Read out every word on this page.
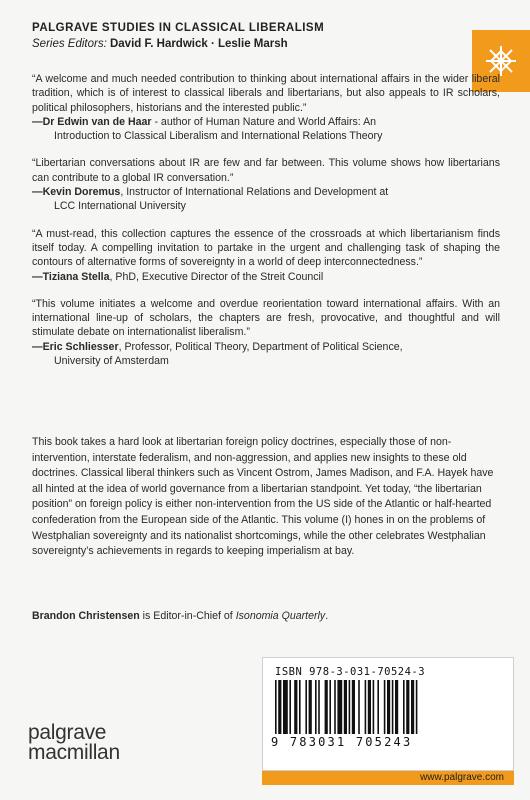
PALGRAVE STUDIES IN CLASSICAL LIBERALISM
Series Editors: David F. Hardwick · Leslie Marsh
“A welcome and much needed contribution to thinking about international affairs in the wider liberal tradition, which is of interest to classical liberals and libertarians, but also appeals to IR scholars, political philosophers, historians and the interested public.”
—Dr Edwin van de Haar - author of Human Nature and World Affairs: An
Introduction to Classical Liberalism and International Relations Theory
“Libertarian conversations about IR are few and far between. This volume shows how libertarians can contribute to a global IR conversation.”
—Kevin Doremus, Instructor of International Relations and Development at
LCC International University
“A must-read, this collection captures the essence of the crossroads at which libertarianism finds itself today. A compelling invitation to partake in the urgent and challenging task of shaping the contours of alternative forms of sovereignty in a world of deep interconnectedness.”
—Tiziana Stella, PhD, Executive Director of the Streit Council
“This volume initiates a welcome and overdue reorientation toward international affairs. With an international line-up of scholars, the chapters are fresh, provocative, and thoughtful and will stimulate debate on internationalist liberalism.”
—Eric Schliesser, Professor, Political Theory, Department of Political Science,
University of Amsterdam
This book takes a hard look at libertarian foreign policy doctrines, especially those of non-intervention, interstate federalism, and non-aggression, and applies new insights to these old doctrines. Classical liberal thinkers such as Vincent Ostrom, James Madison, and F.A. Hayek have all hinted at the idea of world governance from a libertarian standpoint. Yet today, “the libertarian position” on foreign policy is either non-intervention from the US side of the Atlantic or half-hearted confederation from the European side of the Atlantic. This volume (I) hones in on the problems of Westphalian sovereignty and its nationalist shortcomings, while the other celebrates Westphalian sovereignty’s achievements in regards to keeping imperialism at bay.
Brandon Christensen is Editor-in-Chief of Isonomia Quarterly.
palgrave
macmillan
ISBN 978-3-031-70524-3
9 783031 705243
www.palgrave.com
